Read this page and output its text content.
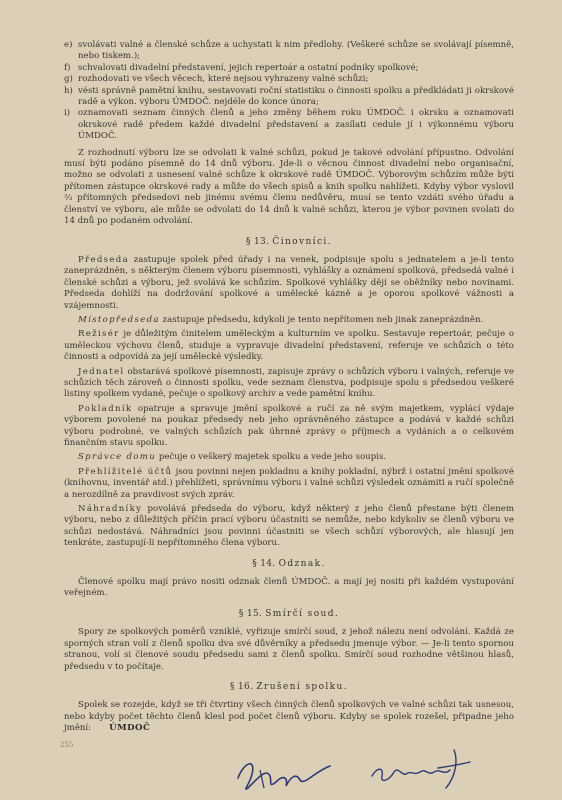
e) svolávati valné a členské schůze a uchystati k nim předlohy. (Veškeré schůze se svolávají písemně, nebo tiskem.);
f) schvalovati divadelní představení, jejich repertoár a ostatní podniky spolkové;
g) rozhodovati ve všech věcech, které nejsou vyhrazeny valné schůzi;
h) vésti správně pamětní knihu, sestavovati roční statistiku o činnosti spolku a předkládati ji okrskové radě a výkon. výboru ÚMDOČ. nejdéle do konce února;
i) oznamovati seznam činných členů a jeho změny během roku ÚMDOČ. i okrsku a oznamovati okrskové radě předem každé divadelní představení a zasílati cedule jí i výkonnému výboru ÚMDOČ.

Z rozhodnutí výboru lze se odvolati k valné schůzi, pokud je takové odvolání přípustno. Odvolání musí býti podáno písemně do 14 dnů výboru. Jde-li o věcnou činnost divadelní nebo organisační, možno se odvolati z usnesení valné schůze k okrskové radě ÚMDOČ. Výborovým schůzím může býti přítomen zástupce okrskové rady a může do všech spisů a knih spolku nahlížeti. Kdyby výbor vyslovil ⅔ přítomných předsedovi neb jinému svému členu nedůvěru, musí se tento vzdáti svého úřadu a členství ve výboru, ale může se odvolati do 14 dnů k valné schůzi, kterou je výbor povinen svolati do 14 dnů po podaném odvolání.

§ 13. Činovníci.

Předseda zastupuje spolek před úřady i na venek, podpisuje spolu s jednatelem a je-li tento zaneprázdněn, s některým členem výboru písemnosti, vyhlášky a oznámení spolková, předsedá valné i členské schůzi a výboru, jež svolává ke schůzím. Spolkové vyhlášky dějí se oběžníky nebo novinami. Předseda dohlíží na dodržování spolkové a umělecké kázně a je oporou spolkové vážnosti a vzájemnosti.

Místopředseda zastupuje předsedu, kdykoli je tento nepřítomen neb jinak zaneprázdněn.

Režisér je důležitým činitelem uměleckým a kulturním ve spolku. Sestavuje repertoár, pečuje o uměleckou výchovu členů, studuje a vypravuje divadelní představení, referuje ve schůzích o této činnosti a odpovídá za její umělecké výsledky.

Jednatel obstarává spolkové písemnosti, zapisuje zprávy o schůzích výboru i valných, referuje ve schůzích těch zároveň o činnosti spolku, vede seznam členstva, podpisuje spolu s předsedou veškeré listiny spolkem vydané, pečuje o spolkový archiv a vede pamětní knihu.

Pokladník opatruje a spravuje jmění spolkové a ručí za ně svým majetkem, vyplácí výdaje výborem povolené na poukaz předsedy neb jeho oprávněného zástupce a podává v každé schůzi výboru podrobné, ve valných schůzích pak úhrnné zprávy o příjmech a vydáních a o celkovém finančním stavu spolku.

Správce domu pečuje o veškerý majetek spolku a vede jeho soupis.

Přehlížitelé účtů jsou povinni nejen pokladnu a knihy pokladní, nýbrž i ostatní jmění spolkové (knihovnu, inventář atd.) přehlížeti, správnímu výboru i valné schůzi výsledek oznámiti a ručí společně a nerozdílně za pravdivost svých zpráv.

Náhradníky povolává předseda do výboru, když některý z jeho členů přestane býti členem výboru, nebo z důležitých příčin prací výboru účastniti se nemůže, nebo kdykoliv se členů výboru ve schůzi nedostává. Náhradníci jsou povinni účastniti se všech schůzí výborových, ale hlasují jen tenkráte, zastupují-li nepřítomného člena výboru.

§ 14. Odznak.

Členové spolku mají právo nositi odznak členů ÚMDOČ. a mají jej nositi při každém vystupování veřejném.

§ 15. Smírčí soud.

Spory ze spolkových poměrů vzniklé, vyřizuje smírčí soud, z jehož nálezu není odvolání. Každá ze sporných stran volí z členů spolku dva své důvěrníky a předsedu jmenuje výbor. — Je-li tento spornou stranou, volí si členové soudu předsedu sami z členů spolku. Smírčí soud rozhodne většinou hlasů, předsedu v to počítaje.

§ 16. Zrušení spolku.

Spolek se rozejde, když se tři čtvrtiny všech činných členů spolkových ve valné schůzi tak usnesou, nebo kdyby počet těchto členů klesl pod počet členů výboru. Kdyby se spolek rozešel, připadne jeho jmění: ÚMDOČ

255
